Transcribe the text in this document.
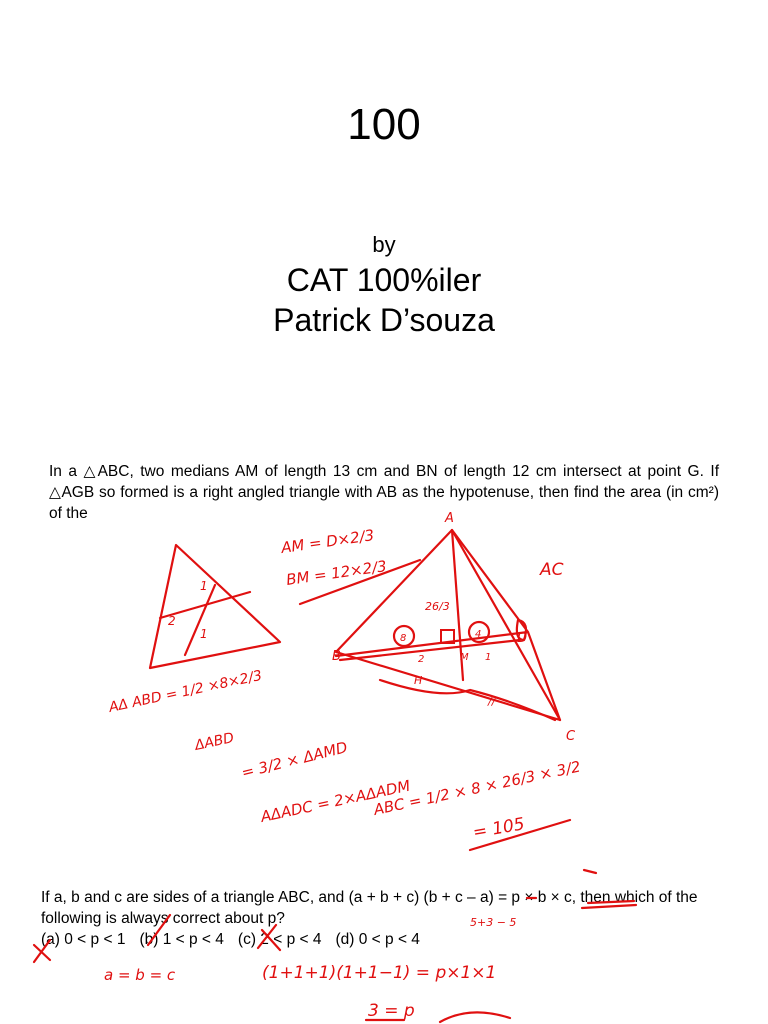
100
by
CAT 100%iler
Patrick D’souza
In a △ABC, two medians AM of length 13 cm and BN of length 12 cm intersect at point G. If △AGB so formed is a right angled triangle with AB as the hypotenuse, then find the area (in cm²) of the
If a, b and c are sides of a triangle ABC, and (a + b + c) (b + c – a) = p × b × c, then which of the following is always correct about p?
(a) 0 < p < 1 (b) 1 < p < 4 (c) 2 < p < 4 (d) 0 < p < 4
1
2
1
A
B
C
D
AC
26/3
8	4
2	M 1
H
//
AM = D×2/3
BM = 12×2/3
AΔ ABD = 1/2 ×8×2/3
ΔABD = 3/2 × ΔAMD
AΔADC = 2×AΔADM
ABC = 1/2 × 8 × 26/3 × 3/2
= 105
5+3 − 5
a = b = c	(1+1+1)(1+1−1) = p×1×1
3 = p
